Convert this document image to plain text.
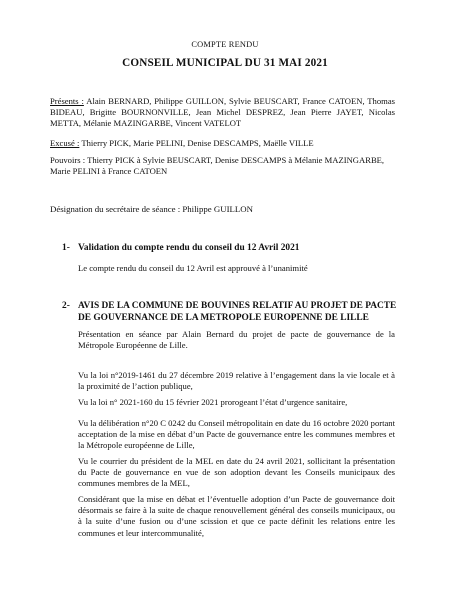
COMPTE RENDU
CONSEIL MUNICIPAL DU 31 MAI 2021

Présents : Alain BERNARD, Philippe GUILLON, Sylvie BEUSCART, France CATOEN, Thomas BIDEAU, Brigitte BOURNONVILLE, Jean Michel DESPREZ, Jean Pierre JAYET, Nicolas METTA, Mélanie MAZINGARBE, Vincent VATELOT

Excusé : Thierry PICK, Marie PELINI, Denise DESCAMPS, Maëlle VILLE

Pouvoirs : Thierry PICK à Sylvie BEUSCART, Denise DESCAMPS à Mélanie MAZINGARBE, Marie PELINI à France CATOEN

Désignation du secrétaire de séance : Philippe GUILLON

1- Validation du compte rendu du conseil du 12 Avril 2021

Le compte rendu du conseil du 12 Avril est approuvé à l’unanimité

2- AVIS DE LA COMMUNE DE BOUVINES RELATIF AU PROJET DE PACTE DE GOUVERNANCE DE LA METROPOLE EUROPENNE DE LILLE

Présentation en séance par Alain Bernard du projet de pacte de gouvernance de la Métropole Européenne de Lille.

Vu la loi n°2019-1461 du 27 décembre 2019 relative à l’engagement dans la vie locale et à la proximité de l’action publique,

Vu la loi n° 2021-160 du 15 février 2021 prorogeant l’état d’urgence sanitaire,

Vu la délibération n°20 C 0242 du Conseil métropolitain en date du 16 octobre 2020 portant acceptation de la mise en débat d’un Pacte de gouvernance entre les communes membres et la Métropole européenne de Lille,

Vu le courrier du président de la MEL en date du 24 avril 2021, sollicitant la présentation du Pacte de gouvernance en vue de son adoption devant les Conseils municipaux des communes membres de la MEL,

Considérant que la mise en débat et l’éventuelle adoption d’un Pacte de gouvernance doit désormais se faire à la suite de chaque renouvellement général des conseils municipaux, ou à la suite d’une fusion ou d’une scission et que ce pacte définit les relations entre les communes et leur intercommunalité,
